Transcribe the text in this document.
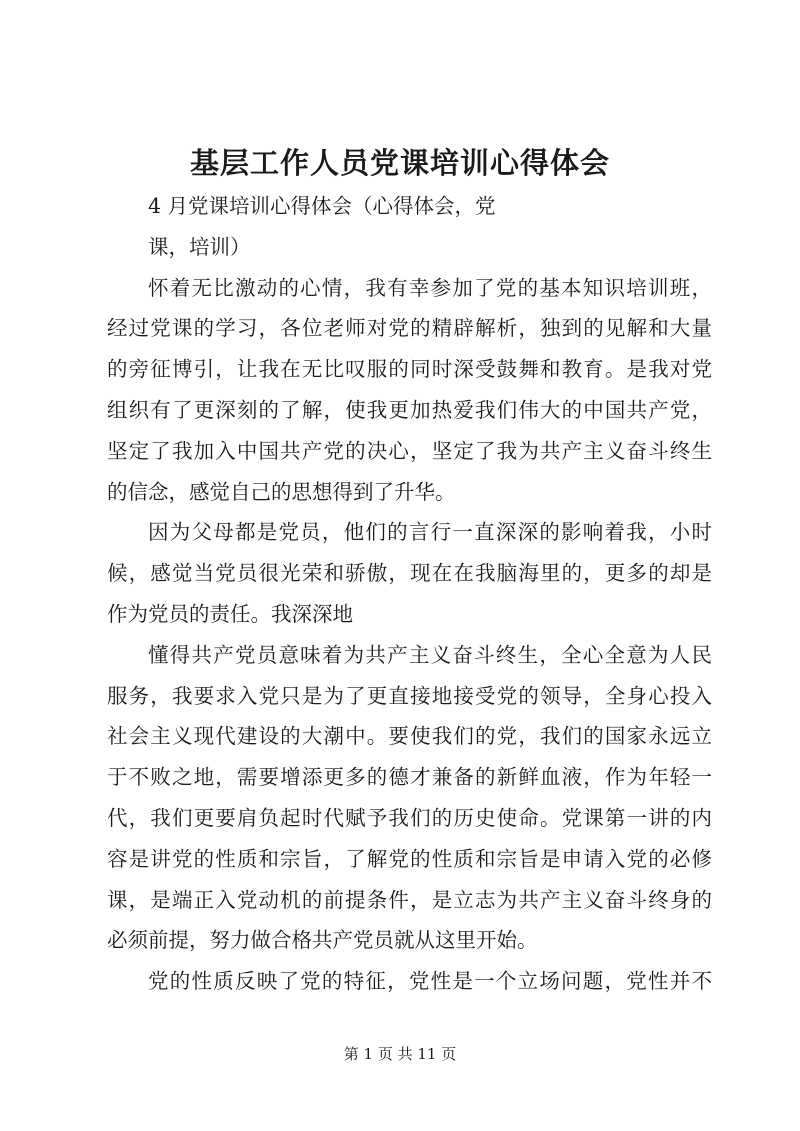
基层工作人员党课培训心得体会
4 月党课培训心得体会（心得体会，党
课，培训）
怀着无比激动的心情，我有幸参加了党的基本知识培训班，
经过党课的学习，各位老师对党的精辟解析，独到的见解和大量
的旁征博引，让我在无比叹服的同时深受鼓舞和教育。是我对党
组织有了更深刻的了解，使我更加热爱我们伟大的中国共产党，
坚定了我加入中国共产党的决心，坚定了我为共产主义奋斗终生
的信念，感觉自己的思想得到了升华。
因为父母都是党员，他们的言行一直深深的影响着我，小时
候，感觉当党员很光荣和骄傲，现在在我脑海里的，更多的却是
作为党员的责任。我深深地
懂得共产党员意味着为共产主义奋斗终生，全心全意为人民
服务，我要求入党只是为了更直接地接受党的领导，全身心投入
社会主义现代建设的大潮中。要使我们的党，我们的国家永远立
于不败之地，需要增添更多的德才兼备的新鲜血液，作为年轻一
代，我们更要肩负起时代赋予我们的历史使命。党课第一讲的内
容是讲党的性质和宗旨，了解党的性质和宗旨是申请入党的必修
课，是端正入党动机的前提条件，是立志为共产主义奋斗终身的
必须前提，努力做合格共产党员就从这里开始。
党的性质反映了党的特征，党性是一个立场问题，党性并不
第 1 页 共 11 页
